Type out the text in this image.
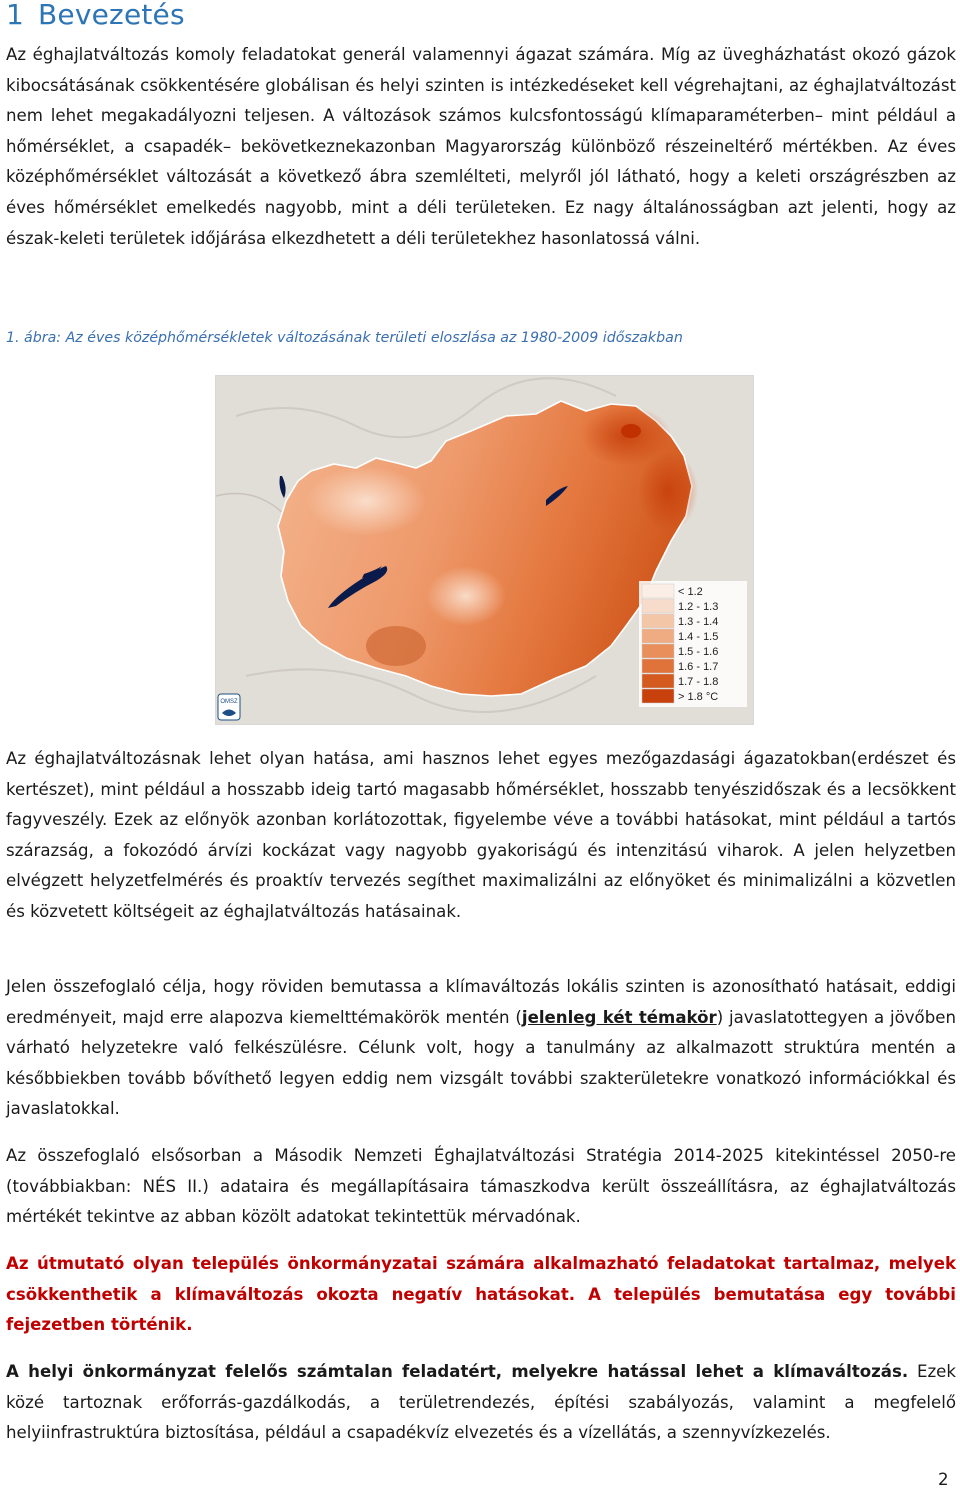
1 Bevezetés

Az éghajlatváltozás komoly feladatokat generál valamennyi ágazat számára. Míg az üvegházhatást okozó gázok kibocsátásának csökkentésére globálisan és helyi szinten is intézkedéseket kell végrehajtani, az éghajlatváltozást nem lehet megakadályozni teljesen. A változások számos kulcsfontosságú klímaparaméterben– mint például a hőmérséklet, a csapadék– bekövetkeznekazonban Magyarország különböző részeineltérő mértékben. Az éves középhőmérséklet változását a következő ábra szemlélteti, melyről jól látható, hogy a keleti országrészben az éves hőmérséklet emelkedés nagyobb, mint a déli területeken. Ez nagy általánosságban azt jelenti, hogy az észak-keleti területek időjárása elkezdhetett a déli területekhez hasonlatossá válni.

1. ábra: Az éves középhőmérsékletek változásának területi eloszlása az 1980-2009 időszakban
OMSZ
< 1.2
1.2 - 1.3
1.3 - 1.4
1.4 - 1.5
1.5 - 1.6
1.6 - 1.7
1.7 - 1.8
> 1.8 °C

Az éghajlatváltozásnak lehet olyan hatása, ami hasznos lehet egyes mezőgazdasági ágazatokban(erdészet és kertészet), mint például a hosszabb ideig tartó magasabb hőmérséklet, hosszabb tenyészidőszak és a lecsökkent fagyveszély. Ezek az előnyök azonban korlátozottak, figyelembe véve a további hatásokat, mint például a tartós szárazság, a fokozódó árvízi kockázat vagy nagyobb gyakoriságú és intenzitású viharok. A jelen helyzetben elvégzett helyzetfelmérés és proaktív tervezés segíthet maximalizálni az előnyöket és minimalizálni a közvetlen és közvetett költségeit az éghajlatváltozás hatásainak.

Jelen összefoglaló célja, hogy röviden bemutassa a klímaváltozás lokális szinten is azonosítható hatásait, eddigi eredményeit, majd erre alapozva kiemelttémakörök mentén (jelenleg két témakör) javaslatottegyen a jövőben várható helyzetekre való felkészülésre. Célunk volt, hogy a tanulmány az alkalmazott struktúra mentén a későbbiekben tovább bővíthető legyen eddig nem vizsgált további szakterületekre vonatkozó információkkal és javaslatokkal.

Az összefoglaló elsősorban a Második Nemzeti Éghajlatváltozási Stratégia 2014-2025 kitekintéssel 2050-re (továbbiakban: NÉS II.) adataira és megállapításaira támaszkodva került összeállításra, az éghajlatváltozás mértékét tekintve az abban közölt adatokat tekintettük mérvadónak.

Az útmutató olyan település önkormányzatai számára alkalmazható feladatokat tartalmaz, melyek csökkenthetik a klímaváltozás okozta negatív hatásokat. A település bemutatása egy további fejezetben történik.

A helyi önkormányzat felelős számtalan feladatért, melyekre hatással lehet a klímaváltozás. Ezek közé tartoznak erőforrás-gazdálkodás, a területrendezés, építési szabályozás, valamint a megfelelő helyiinfrastruktúra biztosítása, például a csapadékvíz elvezetés és a vízellátás, a szennyvízkezelés.

2
